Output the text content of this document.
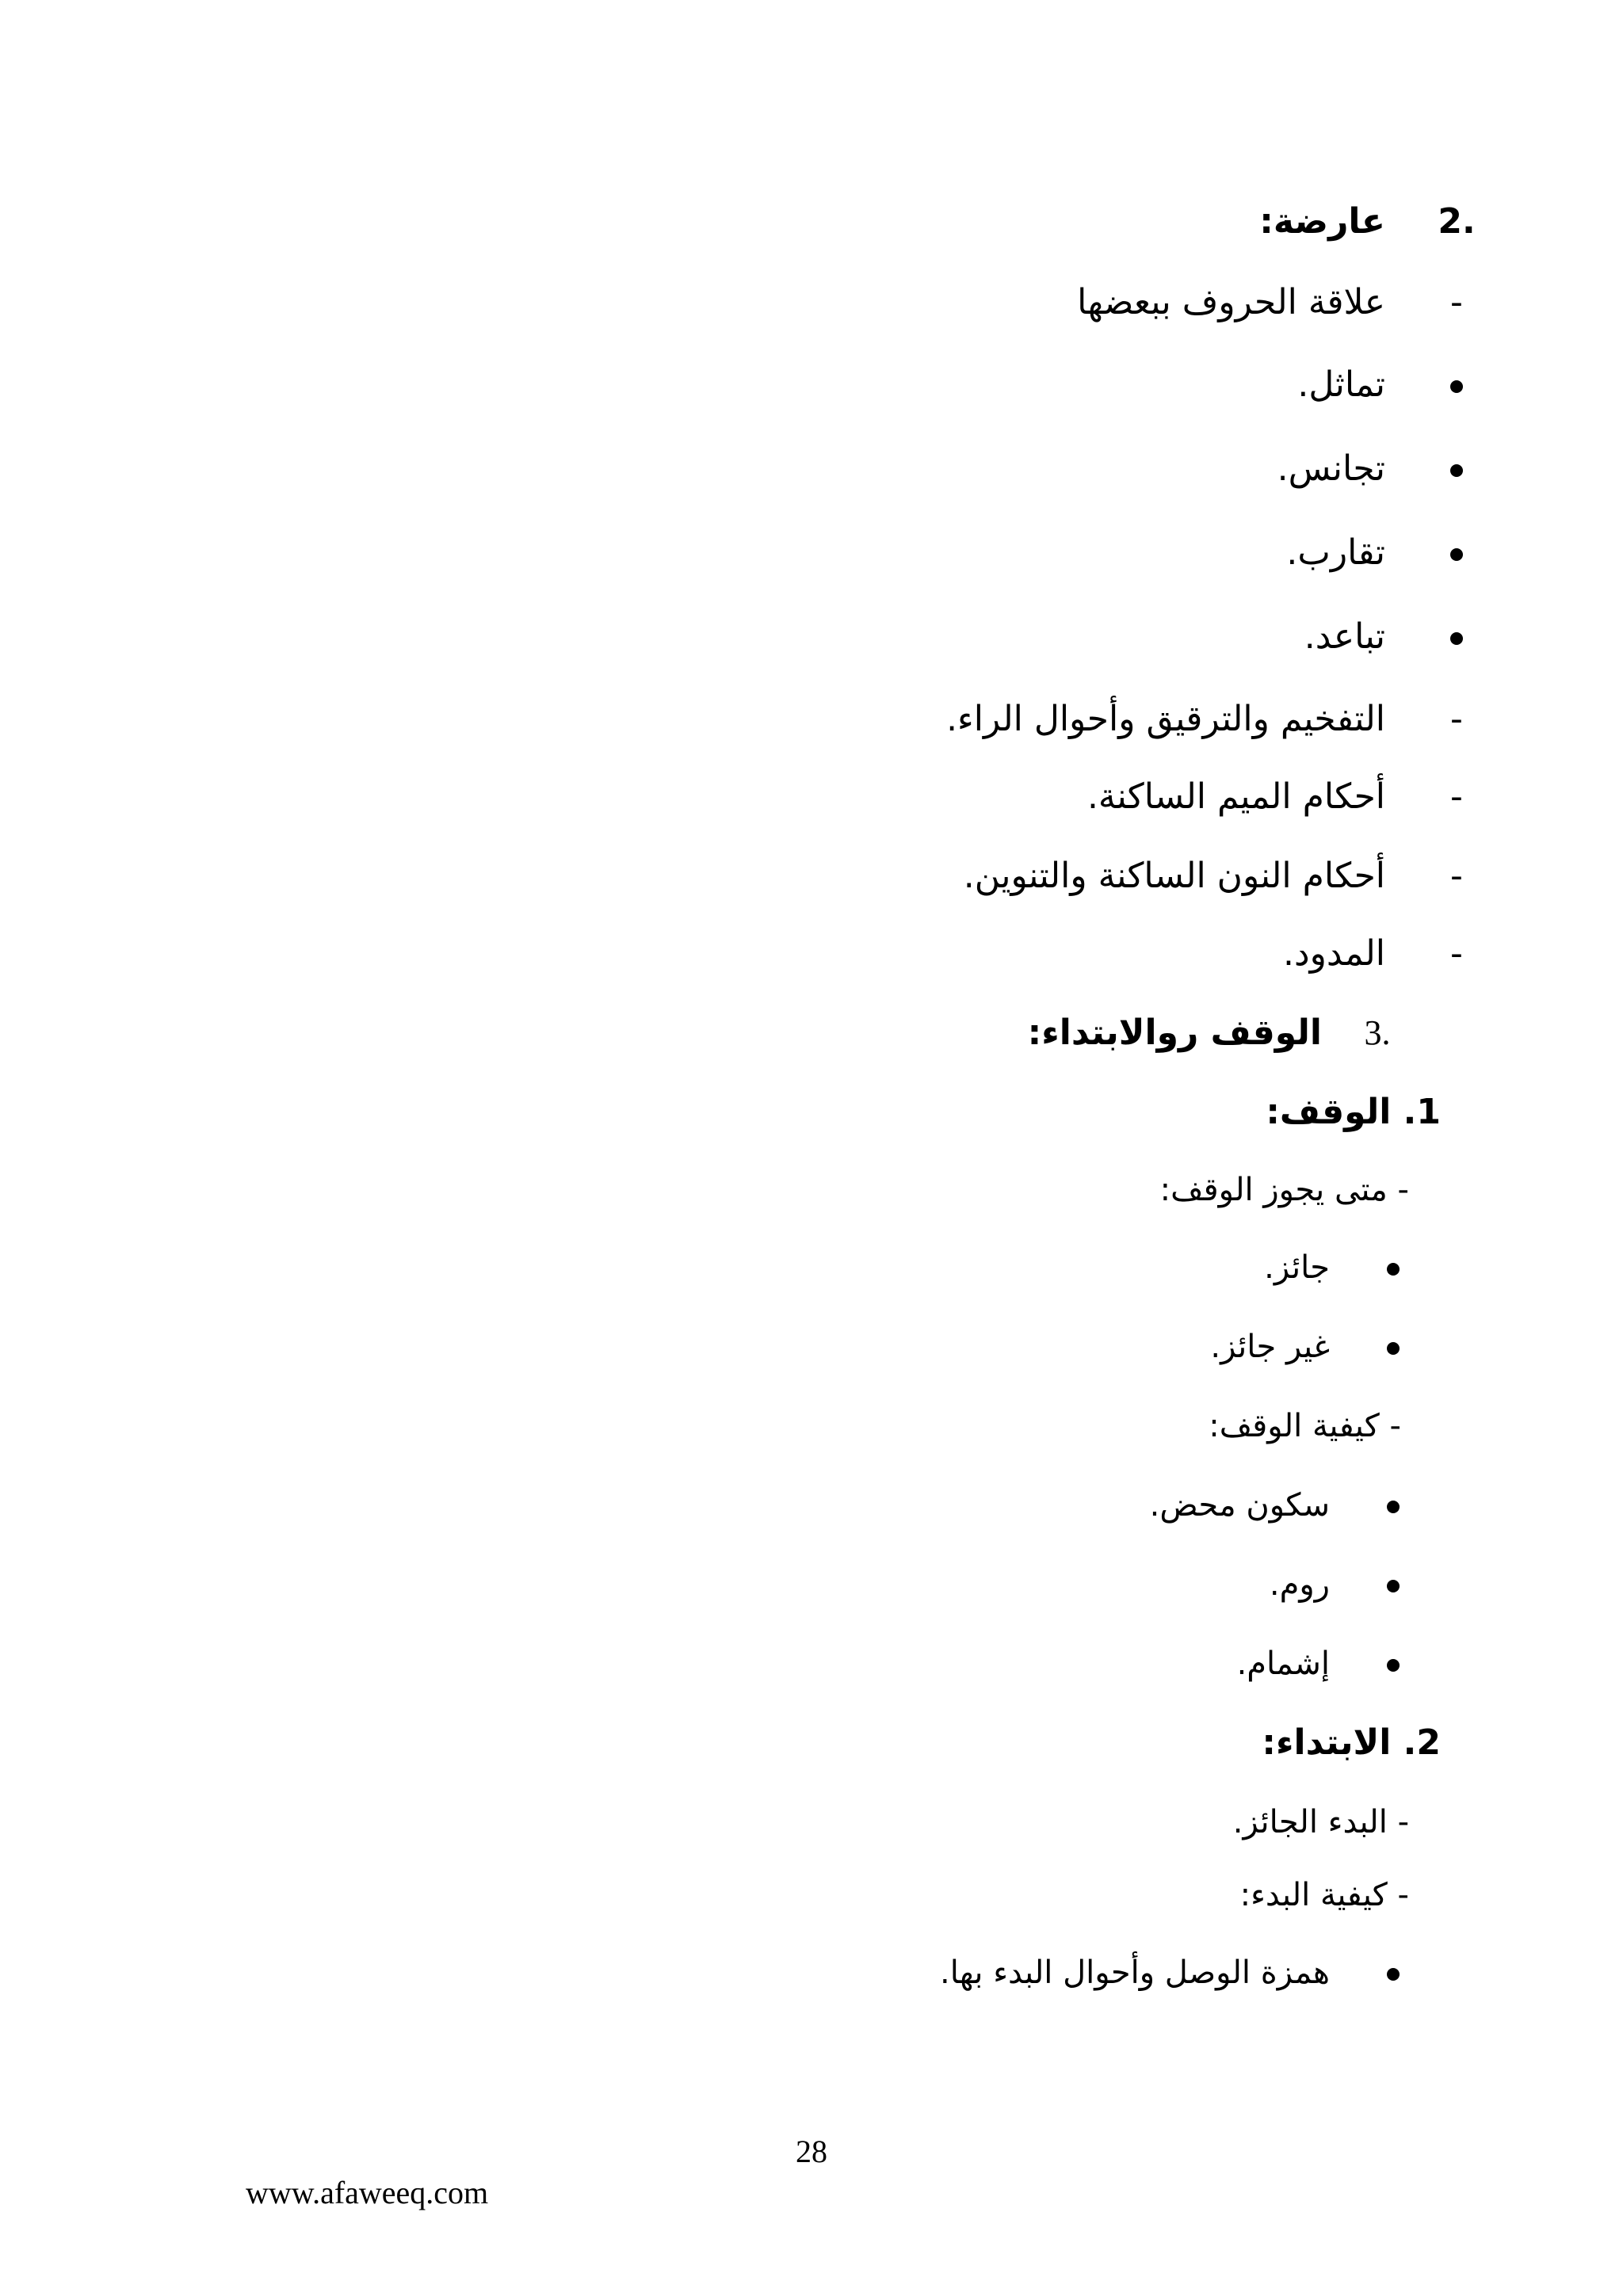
2.
عارضة:
-
علاقة الحروف ببعضها
تماثل.
تجانس.
تقارب.
تباعد.
-
التفخيم والترقيق وأحوال الراء.
-
أحكام الميم الساكنة.
-
أحكام النون الساكنة والتنوين.
-
المدود.
3.
الوقف روالابتداء:
1. الوقف:
- متى يجوز الوقف:
جائز.
غير جائز.
- كيفية الوقف:
سكون محض.
روم.
إشمام.
2. الابتداء:
- البدء الجائز.
- كيفية البدء:
همزة الوصل وأحوال البدء بها.
28
www.afaweeq.com
